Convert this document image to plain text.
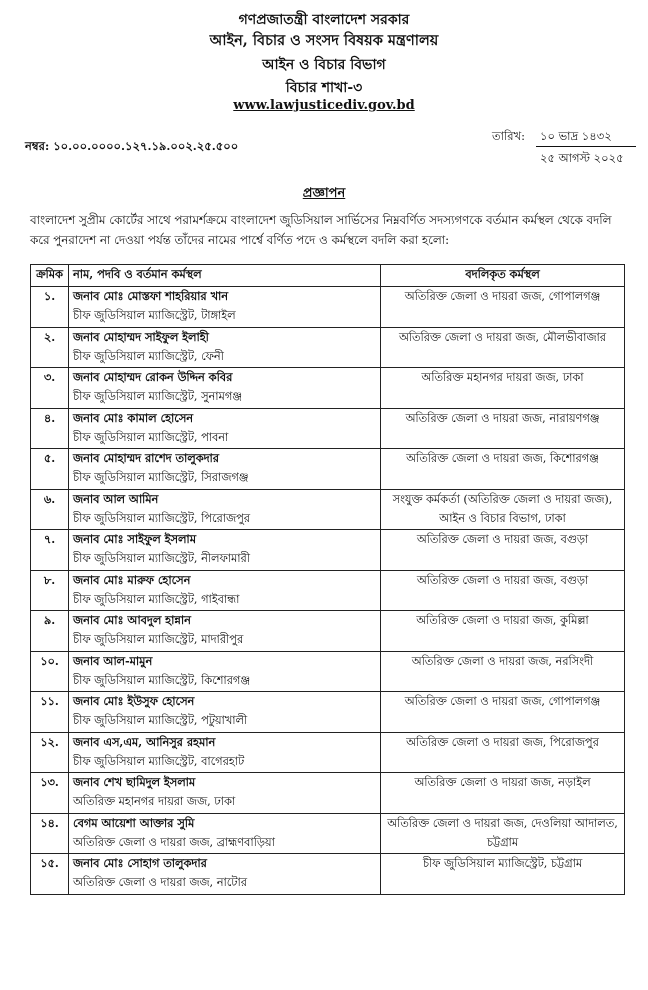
গণপ্রজাতন্ত্রী বাংলাদেশ সরকার
আইন, বিচার ও সংসদ বিষয়ক মন্ত্রণালয়
আইন ও বিচার বিভাগ
বিচার শাখা-৩
www.lawjusticediv.gov.bd
নম্বর: ১০.০০.০০০০.১২৭.১৯.০০২.২৫.৫০০
তারিখ: ১০ ভাদ্র ১৪৩২
২৫ আগস্ট ২০২৫
প্রজ্ঞাপন
বাংলাদেশ সুপ্রীম কোর্টের সাথে পরামর্শক্রমে বাংলাদেশ জুডিসিয়াল সার্ভিসের নিম্নবর্ণিত সদস্যগণকে বর্তমান কর্মস্থল থেকে বদলি করে পুনরাদেশ না দেওয়া পর্যন্ত তাঁদের নামের পার্শ্বে বর্ণিত পদে ও কর্মস্থলে বদলি করা হলো:
ক্রমিক	নাম, পদবি ও বর্তমান কর্মস্থল	বদলিকৃত কর্মস্থল
১.	জনাব মোঃ মোস্তফা শাহরিয়ার খান
চীফ জুডিসিয়াল ম্যাজিস্ট্রেট, টাঙ্গাইল	অতিরিক্ত জেলা ও দায়রা জজ, গোপালগঞ্জ
২.	জনাব মোহাম্মদ সাইফুল ইলাহী
চীফ জুডিসিয়াল ম্যাজিস্ট্রেট, ফেনী	অতিরিক্ত জেলা ও দায়রা জজ, মৌলভীবাজার
৩.	জনাব মোহাম্মদ রোকন উদ্দিন কবির
চীফ জুডিসিয়াল ম্যাজিস্ট্রেট, সুনামগঞ্জ	অতিরিক্ত মহানগর দায়রা জজ, ঢাকা
৪.	জনাব মোঃ কামাল হোসেন
চীফ জুডিসিয়াল ম্যাজিস্ট্রেট, পাবনা	অতিরিক্ত জেলা ও দায়রা জজ, নারায়ণগঞ্জ
৫.	জনাব মোহাম্মদ রাশেদ তালুকদার
চীফ জুডিসিয়াল ম্যাজিস্ট্রেট, সিরাজগঞ্জ	অতিরিক্ত জেলা ও দায়রা জজ, কিশোরগঞ্জ
৬.	জনাব আল আমিন
চীফ জুডিসিয়াল ম্যাজিস্ট্রেট, পিরোজপুর	সংযুক্ত কর্মকর্তা (অতিরিক্ত জেলা ও দায়রা জজ), আইন ও বিচার বিভাগ, ঢাকা
৭.	জনাব মোঃ সাইফুল ইসলাম
চীফ জুডিসিয়াল ম্যাজিস্ট্রেট, নীলফামারী	অতিরিক্ত জেলা ও দায়রা জজ, বগুড়া
৮.	জনাব মোঃ মারুফ হোসেন
চীফ জুডিসিয়াল ম্যাজিস্ট্রেট, গাইবান্ধা	অতিরিক্ত জেলা ও দায়রা জজ, বগুড়া
৯.	জনাব মোঃ আবদুল হান্নান
চীফ জুডিসিয়াল ম্যাজিস্ট্রেট, মাদারীপুর	অতিরিক্ত জেলা ও দায়রা জজ, কুমিল্লা
১০.	জনাব আল-মামুন
চীফ জুডিসিয়াল ম্যাজিস্ট্রেট, কিশোরগঞ্জ	অতিরিক্ত জেলা ও দায়রা জজ, নরসিংদী
১১.	জনাব মোঃ ইউসুফ হোসেন
চীফ জুডিসিয়াল ম্যাজিস্ট্রেট, পটুয়াখালী	অতিরিক্ত জেলা ও দায়রা জজ, গোপালগঞ্জ
১২.	জনাব এস,এম, আনিসুর রহমান
চীফ জুডিসিয়াল ম্যাজিস্ট্রেট, বাগেরহাট	অতিরিক্ত জেলা ও দায়রা জজ, পিরোজপুর
১৩.	জনাব শেখ ছামিদুল ইসলাম
অতিরিক্ত মহানগর দায়রা জজ, ঢাকা	অতিরিক্ত জেলা ও দায়রা জজ, নড়াইল
১৪.	বেগম আয়েশা আক্তার সুমি
অতিরিক্ত জেলা ও দায়রা জজ, ব্রাহ্মণবাড়িয়া	অতিরিক্ত জেলা ও দায়রা জজ, দেওলিয়া আদালত, চট্টগ্রাম
১৫.	জনাব মোঃ সোহাগ তালুকদার
অতিরিক্ত জেলা ও দায়রা জজ, নাটোর	চীফ জুডিসিয়াল ম্যাজিস্ট্রেট, চট্টগ্রাম
